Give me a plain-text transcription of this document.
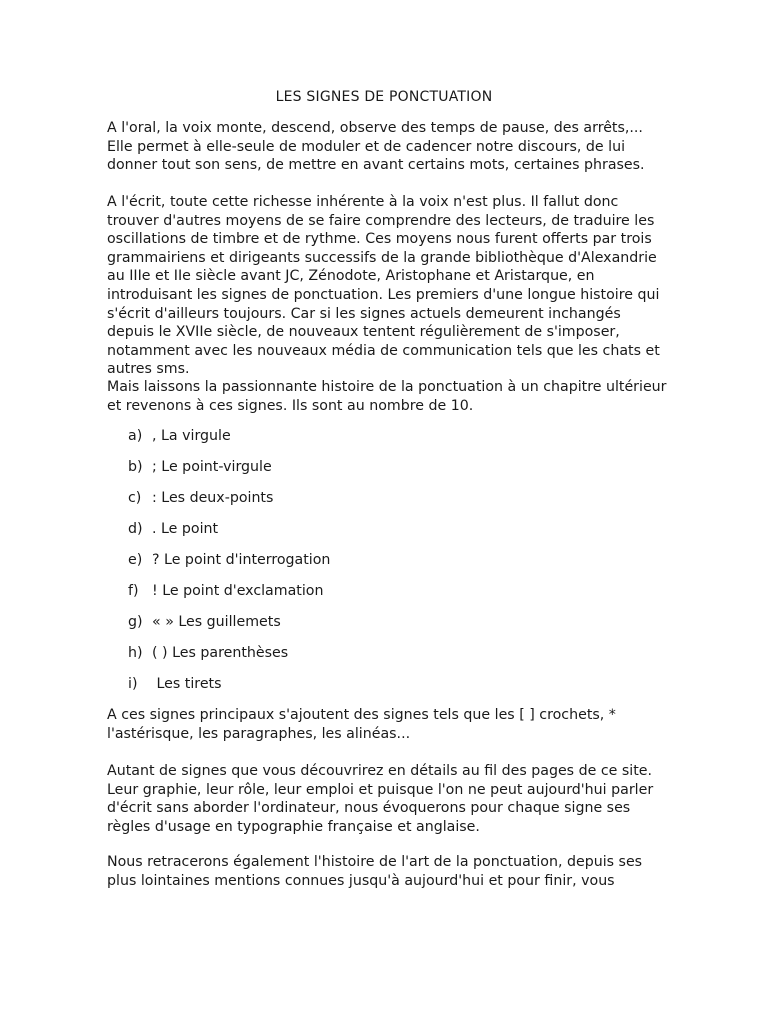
LES SIGNES DE PONCTUATION

A l'oral, la voix monte, descend, observe des temps de pause, des arrêts,... Elle permet à elle-seule de moduler et de cadencer notre discours, de lui donner tout son sens, de mettre en avant certains mots, certaines phrases.

A l'écrit, toute cette richesse inhérente à la voix n'est plus. Il fallut donc trouver d'autres moyens de se faire comprendre des lecteurs, de traduire les oscillations de timbre et de rythme. Ces moyens nous furent offerts par trois grammairiens et dirigeants successifs de la grande bibliothèque d'Alexandrie au IIIe et IIe siècle avant JC, Zénodote, Aristophane et Aristarque, en introduisant les signes de ponctuation. Les premiers d'une longue histoire qui s'écrit d'ailleurs toujours. Car si les signes actuels demeurent inchangés depuis le XVIIe siècle, de nouveaux tentent régulièrement de s'imposer, notamment avec les nouveaux média de communication tels que les chats et autres sms.

Mais laissons la passionnante histoire de la ponctuation à un chapitre ultérieur et revenons à ces signes. Ils sont au nombre de 10.

a) , La virgule

b) ; Le point-virgule

c) : Les deux-points

d) . Le point

e) ? Le point d'interrogation

f) ! Le point d'exclamation

g) « » Les guillemets

h) ( ) Les parenthèses

i) Les tirets

A ces signes principaux s'ajoutent des signes tels que les [ ] crochets, * l'astérisque, les paragraphes, les alinéas...

Autant de signes que vous découvrirez en détails au fil des pages de ce site. Leur graphie, leur rôle, leur emploi et puisque l'on ne peut aujourd'hui parler d'écrit sans aborder l'ordinateur, nous évoquerons pour chaque signe ses règles d'usage en typographie française et anglaise.

Nous retracerons également l'histoire de l'art de la ponctuation, depuis ses plus lointaines mentions connues jusqu'à aujourd'hui et pour finir, vous
